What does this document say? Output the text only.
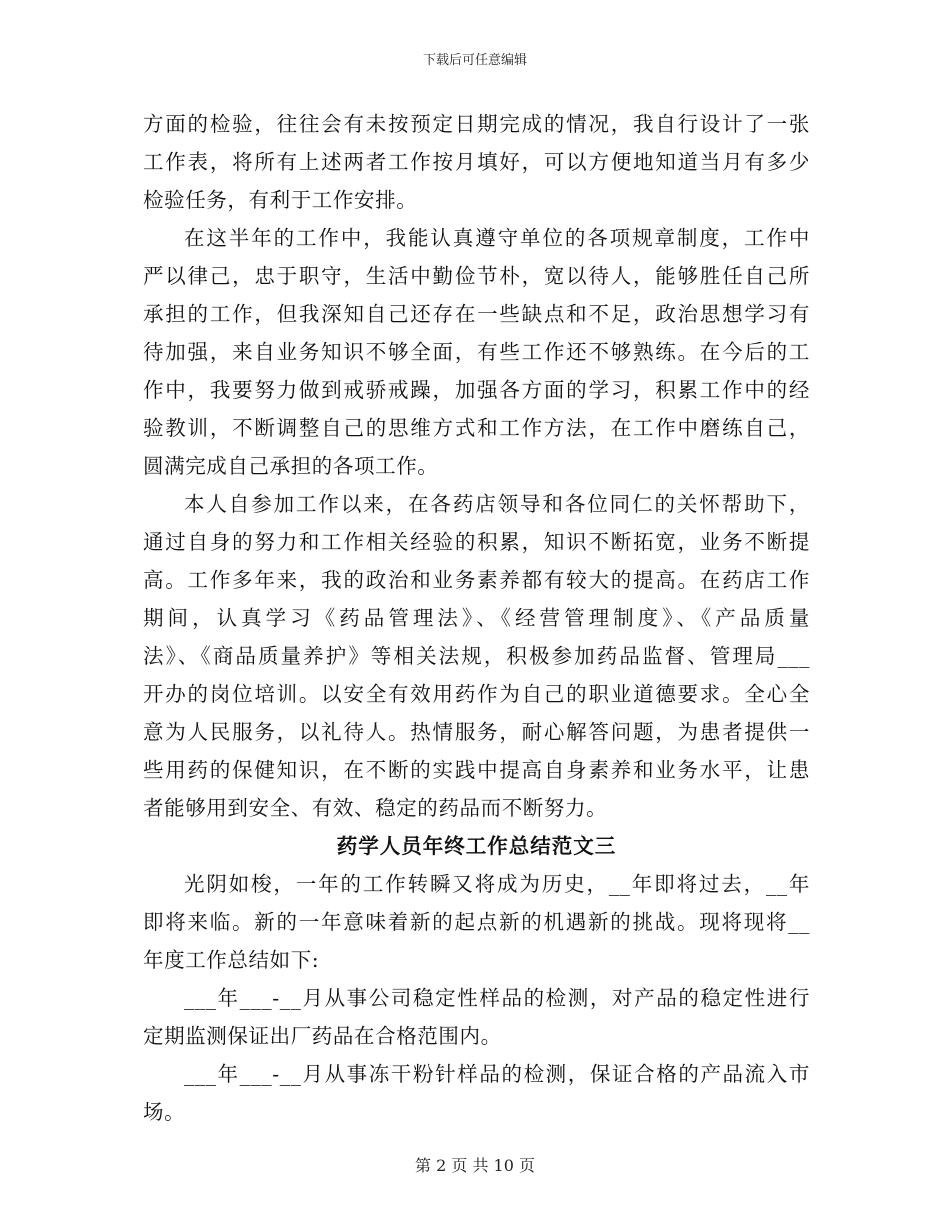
下载后可任意编辑
方面的检验，往往会有未按预定日期完成的情况，我自行设计了一张
工作表，将所有上述两者工作按月填好，可以方便地知道当月有多少
检验任务，有利于工作安排。
在这半年的工作中，我能认真遵守单位的各项规章制度，工作中
严以律己，忠于职守，生活中勤俭节朴，宽以待人，能够胜任自己所
承担的工作，但我深知自己还存在一些缺点和不足，政治思想学习有
待加强，来自业务知识不够全面，有些工作还不够熟练。在今后的工
作中，我要努力做到戒骄戒躁，加强各方面的学习，积累工作中的经
验教训，不断调整自己的思维方式和工作方法，在工作中磨练自己，
圆满完成自己承担的各项工作。
本人自参加工作以来，在各药店领导和各位同仁的关怀帮助下，
通过自身的努力和工作相关经验的积累，知识不断拓宽，业务不断提
高。工作多年来，我的政治和业务素养都有较大的提高。在药店工作
期间，认真学习《药品管理法》、《经营管理制度》、《产品质量
法》、《商品质量养护》等相关法规，积极参加药品监督、管理局___
开办的岗位培训。以安全有效用药作为自己的职业道德要求。全心全
意为人民服务，以礼待人。热情服务，耐心解答问题，为患者提供一
些用药的保健知识，在不断的实践中提高自身素养和业务水平，让患
者能够用到安全、有效、稳定的药品而不断努力。
药学人员年终工作总结范文三
光阴如梭，一年的工作转瞬又将成为历史，__年即将过去，__年
即将来临。新的一年意味着新的起点新的机遇新的挑战。现将现将__
年度工作总结如下:
___年___-__月从事公司稳定性样品的检测，对产品的稳定性进行
定期监测保证出厂药品在合格范围内。
___年___-__月从事冻干粉针样品的检测，保证合格的产品流入市
场。
第 2 页 共 10 页
